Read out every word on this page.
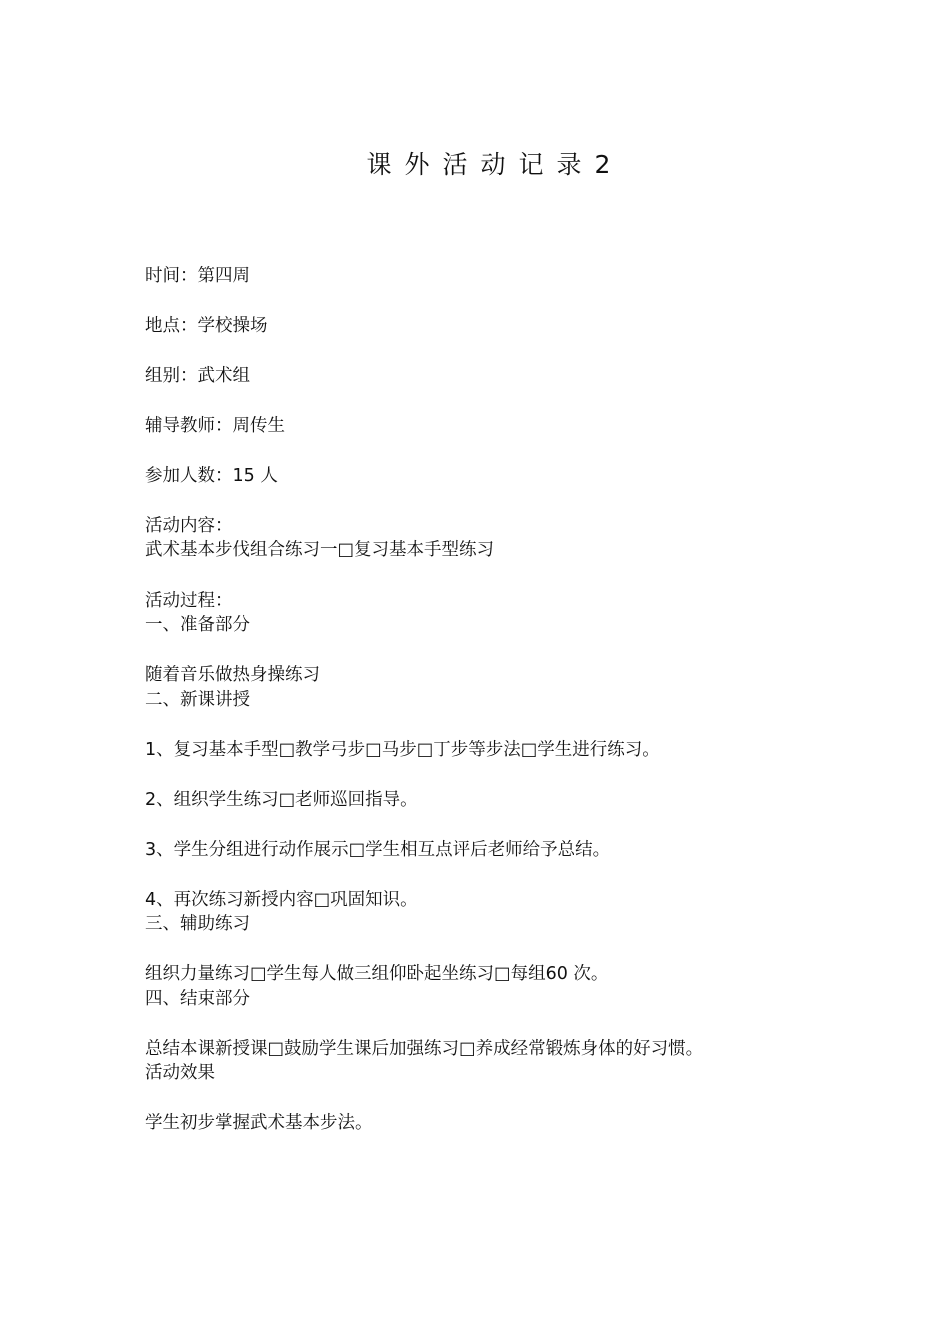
课外活动记录2
时间：第四周
地点：学校操场
组别：武术组
辅导教师：周传生
参加人数：15 人
活动内容：
武术基本步伐组合练习一□复习基本手型练习
活动过程：
一、准备部分
随着音乐做热身操练习
二、新课讲授
1、复习基本手型□教学弓步□马步□丁步等步法□学生进行练习。
2、组织学生练习□老师巡回指导。
3、学生分组进行动作展示□学生相互点评后老师给予总结。
4、再次练习新授内容□巩固知识。
三、辅助练习
组织力量练习□学生每人做三组仰卧起坐练习□每组60 次。
四、结束部分
总结本课新授课□鼓励学生课后加强练习□养成经常锻炼身体的好习惯。
活动效果
学生初步掌握武术基本步法。
